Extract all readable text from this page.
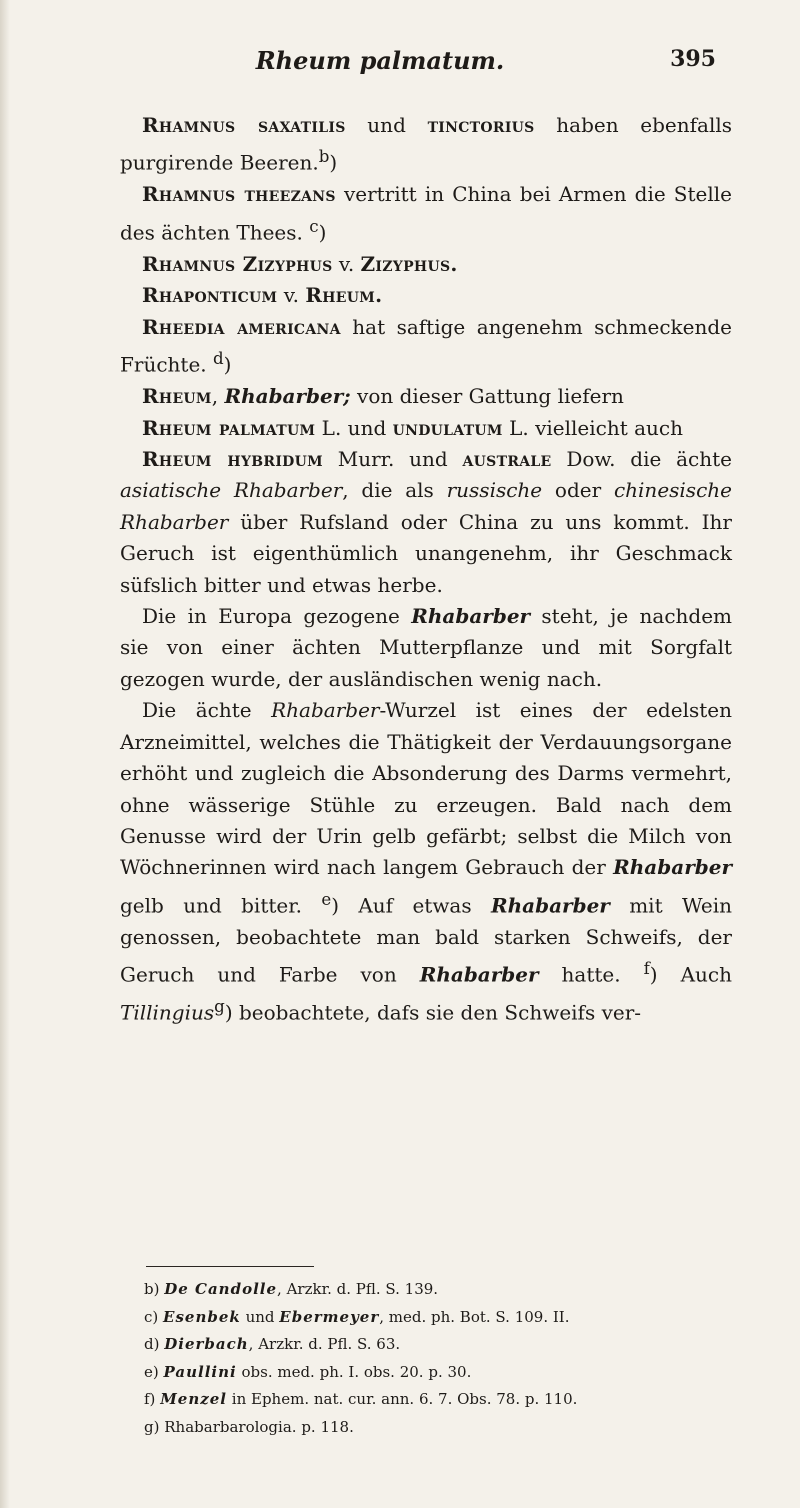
Rheum palmatum.	395

Rhamnus saxatilis und tinctorius haben ebenfalls purgirende Beeren.$^b$)

Rhamnus theezans vertritt in China bei Armen die Stelle des ächten Thees. $^c$)

Rhamnus Zizyphus v. Zizyphus.

Rhaponticum v. Rheum.

Rheedia americana hat saftige angenehm schmeckende Früchte. $^d$)

Rheum, Rhabarber; von dieser Gattung liefern

Rheum palmatum L. und undulatum L. vielleicht auch

Rheum hybridum Murr. und australe Dow. die ächte asiatische Rhabarber, die als russische oder chinesische Rhabarber über Rufsland oder China zu uns kommt. Ihr Geruch ist eigenthümlich unangenehm, ihr Geschmack süfslich bitter und etwas herbe.

Die in Europa gezogene Rhabarber steht, je nachdem sie von einer ächten Mutterpflanze und mit Sorgfalt gezogen wurde, der ausländischen wenig nach.

Die ächte Rhabarber-Wurzel ist eines der edelsten Arzneimittel, welches die Thätigkeit der Verdauungsorgane erhöht und zugleich die Absonderung des Darms vermehrt, ohne wässerige Stühle zu erzeugen. Bald nach dem Genusse wird der Urin gelb gefärbt; selbst die Milch von Wöchnerinnen wird nach langem Gebrauch der Rhabarber gelb und bitter. $^e$) Auf etwas Rhabarber mit Wein genossen, beobachtete man bald starken Schweifs, der Geruch und Farbe von Rhabarber hatte. $^f$) Auch Tillingius$^g$) beobachtete, dafs sie den Schweifs ver-

b) De Candolle, Arzkr. d. Pfl. S. 139.
c) Esenbek und Ebermeyer, med. ph. Bot. S. 109. II.
d) Dierbach, Arzkr. d. Pfl. S. 63.
e) Paullini obs. med. ph. I. obs. 20. p. 30.
f) Menzel in Ephem. nat. cur. ann. 6. 7. Obs. 78. p. 110.
g) Rhabarbarologia. p. 118.
